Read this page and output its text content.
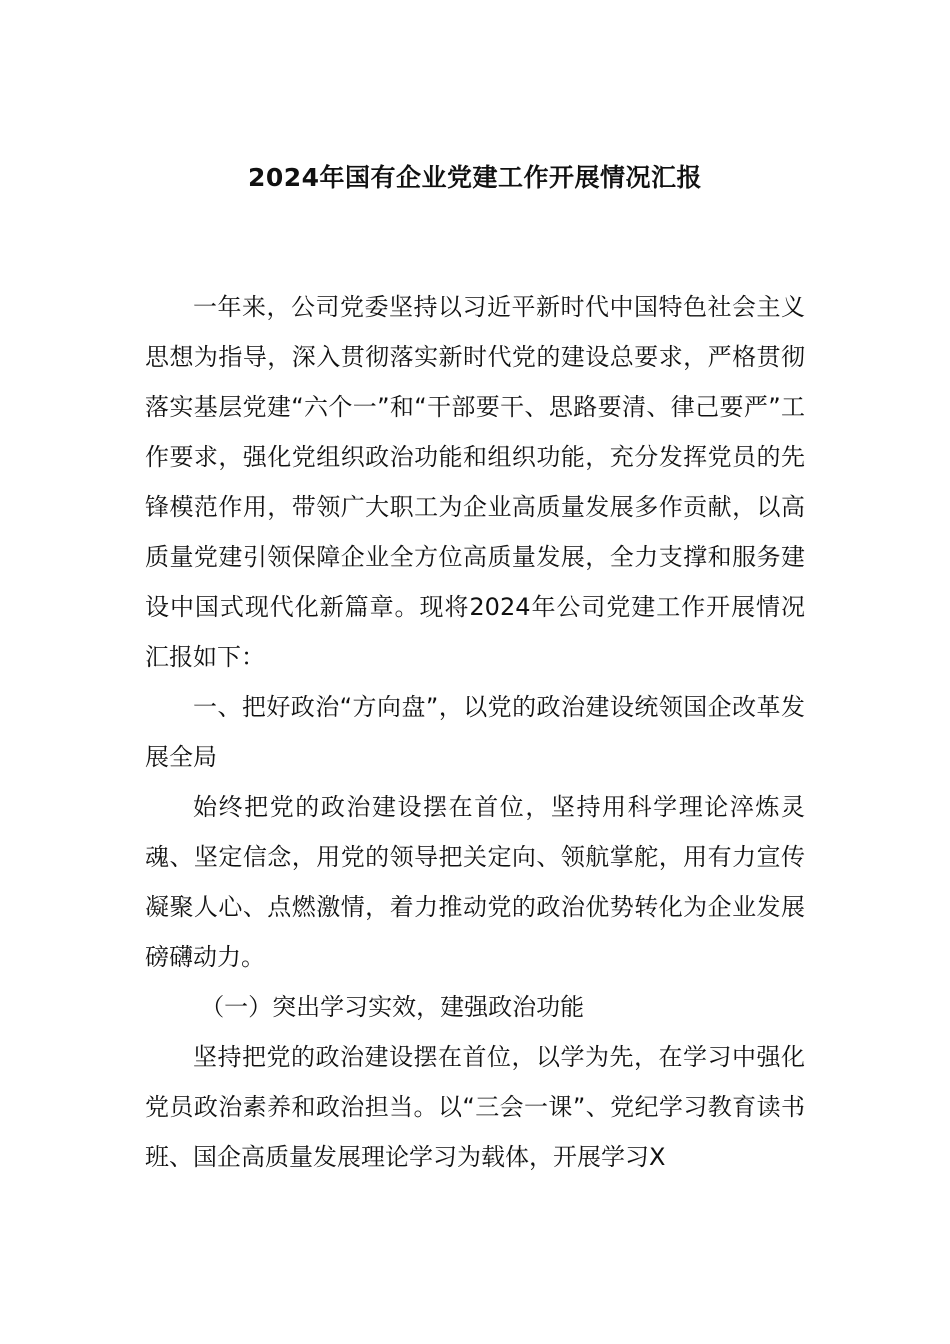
2024年国有企业党建工作开展情况汇报

一年来，公司党委坚持以习近平新时代中国特色社会主义思想为指导，深入贯彻落实新时代党的建设总要求，严格贯彻落实基层党建“六个一”和“干部要干、思路要清、律己要严”工作要求，强化党组织政治功能和组织功能，充分发挥党员的先锋模范作用，带领广大职工为企业高质量发展多作贡献，以高质量党建引领保障企业全方位高质量发展，全力支撑和服务建设中国式现代化新篇章。现将2024年公司党建工作开展情况汇报如下：

一、把好政治“方向盘”，以党的政治建设统领国企改革发展全局

始终把党的政治建设摆在首位，坚持用科学理论淬炼灵魂、坚定信念，用党的领导把关定向、领航掌舵，用有力宣传凝聚人心、点燃激情，着力推动党的政治优势转化为企业发展磅礴动力。

（一）突出学习实效，建强政治功能

坚持把党的政治建设摆在首位，以学为先，在学习中强化党员政治素养和政治担当。以“三会一课”、党纪学习教育读书班、国企高质量发展理论学习为载体，开展学习X
